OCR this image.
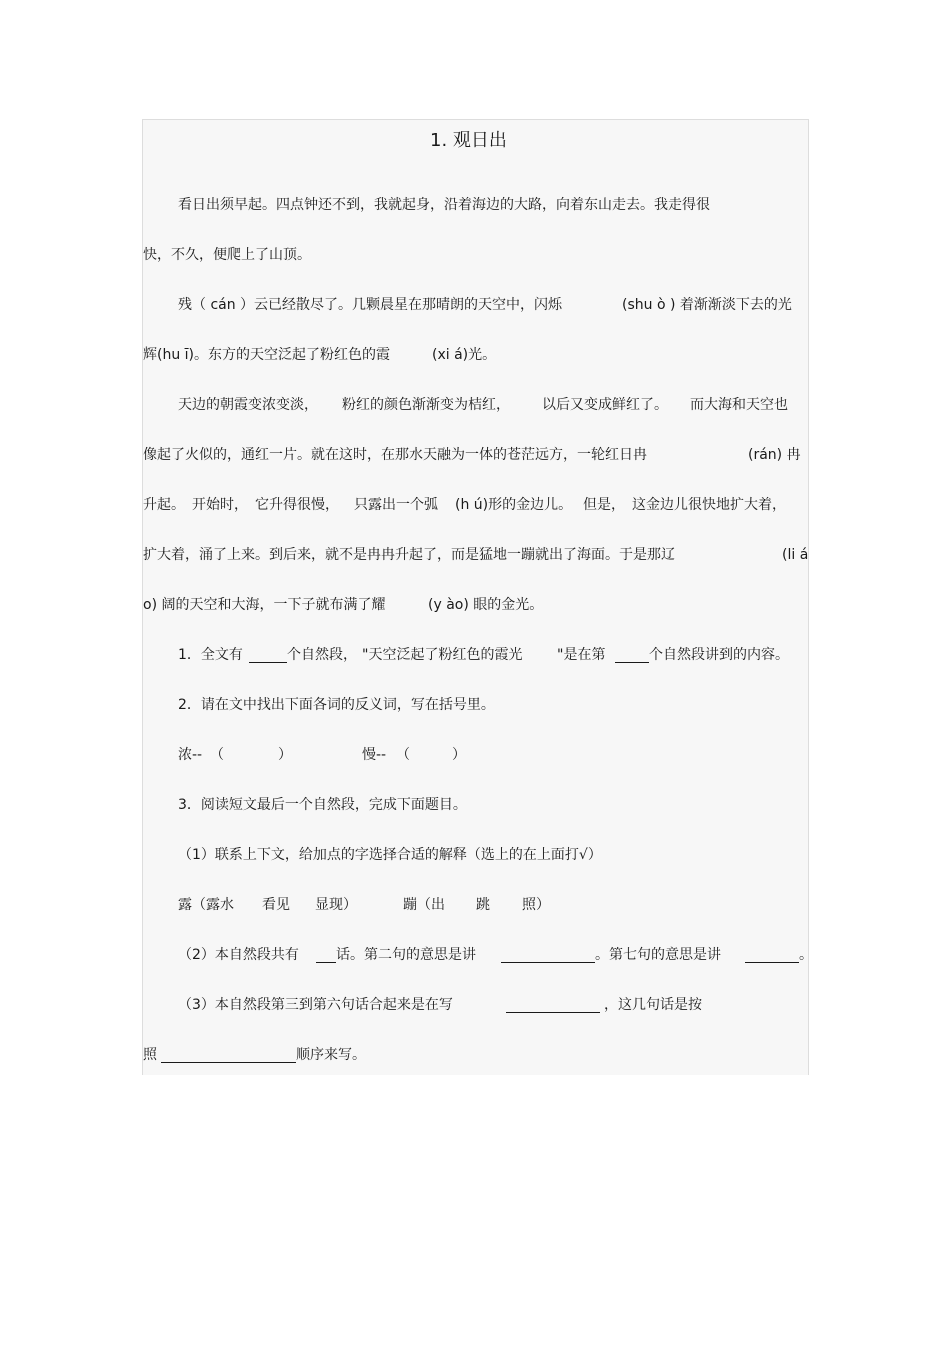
1. 观日出
看日出须早起。四点钟还不到，我就起身，沿着海边的大路，向着东山走去。我走得很
快，不久，便爬上了山顶。
残（ cán ）云已经散尽了。几颗晨星在那晴朗的天空中，闪烁	(shu ò ) 着渐渐淡下去的光
辉(hu ī)。东方的天空泛起了粉红色的霞	(xi á)光。
天边的朝霞变浓变淡， 粉红的颜色渐渐变为桔红， 以后又变成鲜红了。 而大海和天空也
像起了火似的，通红一片。就在这时，在那水天融为一体的苍茫远方，一轮红日冉	(rán) 冉
升起。 开始时， 它升得很慢， 只露出一个弧 (h ú)形的金边儿。 但是， 这金边儿很快地扩大着，
扩大着，涌了上来。到后来，就不是冉冉升起了，而是猛地一蹦就出了海面。于是那辽	(li á
o) 阔的天空和大海，一下子就布满了耀	(y ào) 眼的金光。
1．全文有	个自然段， "天空泛起了粉红色的霞光 "是在第	个自然段讲到的内容。
2．请在文中找出下面各词的反义词，写在括号里。
浓-- （	）	慢-- （	）
3．阅读短文最后一个自然段，完成下面题目。
（1）联系上下文，给加点的字选择合适的解释（选上的在上面打√）
露（露水 看见 显现）	蹦（出 跳 照）
（2）本自然段共有	话。第二句的意思是讲	。第七句的意思是讲	。
（3）本自然段第三到第六句话合起来是在写	，这几句话是按
照	顺序来写。
